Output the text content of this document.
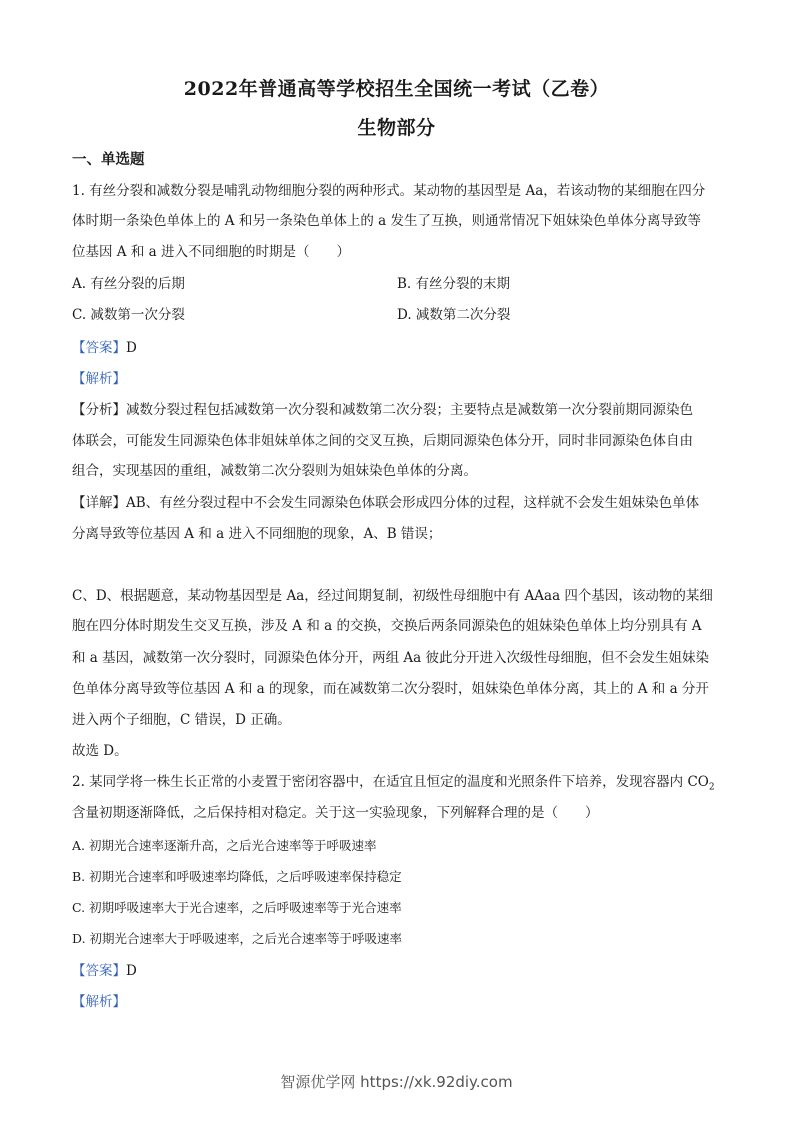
2022年普通高等学校招生全国统一考试（乙卷）
生物部分
一、单选题
1. 有丝分裂和减数分裂是哺乳动物细胞分裂的两种形式。某动物的基因型是 Aa，若该动物的某细胞在四分
体时期一条染色单体上的 A 和另一条染色单体上的 a 发生了互换，则通常情况下姐妹染色单体分离导致等
位基因 A 和 a 进入不同细胞的时期是（　　）
A. 有丝分裂的后期	B. 有丝分裂的末期
C. 减数第一次分裂	D. 减数第二次分裂
【答案】D
【解析】
【分析】减数分裂过程包括减数第一次分裂和减数第二次分裂；主要特点是减数第一次分裂前期同源染色
体联会，可能发生同源染色体非姐妹单体之间的交叉互换，后期同源染色体分开，同时非同源染色体自由
组合，实现基因的重组，减数第二次分裂则为姐妹染色单体的分离。
【详解】AB、有丝分裂过程中不会发生同源染色体联会形成四分体的过程，这样就不会发生姐妹染色单体
分离导致等位基因 A 和 a 进入不同细胞的现象，A、B 错误；
C、D、根据题意，某动物基因型是 Aa，经过间期复制，初级性母细胞中有 AAaa 四个基因，该动物的某细
胞在四分体时期发生交叉互换，涉及 A 和 a 的交换，交换后两条同源染色的姐妹染色单体上均分别具有 A
和 a 基因，减数第一次分裂时，同源染色体分开，两组 Aa 彼此分开进入次级性母细胞，但不会发生姐妹染
色单体分离导致等位基因 A 和 a 的现象，而在减数第二次分裂时，姐妹染色单体分离，其上的 A 和 a 分开
进入两个子细胞，C 错误，D 正确。
故选 D。
2. 某同学将一株生长正常的小麦置于密闭容器中，在适宜且恒定的温度和光照条件下培养，发现容器内 $CO_2$
含量初期逐渐降低，之后保持相对稳定。关于这一实验现象，下列解释合理的是（　　）
A. 初期光合速率逐渐升高，之后光合速率等于呼吸速率
B. 初期光合速率和呼吸速率均降低，之后呼吸速率保持稳定
C. 初期呼吸速率大于光合速率，之后呼吸速率等于光合速率
D. 初期光合速率大于呼吸速率，之后光合速率等于呼吸速率
【答案】D
【解析】
智源优学网 https://xk.92diy.com
